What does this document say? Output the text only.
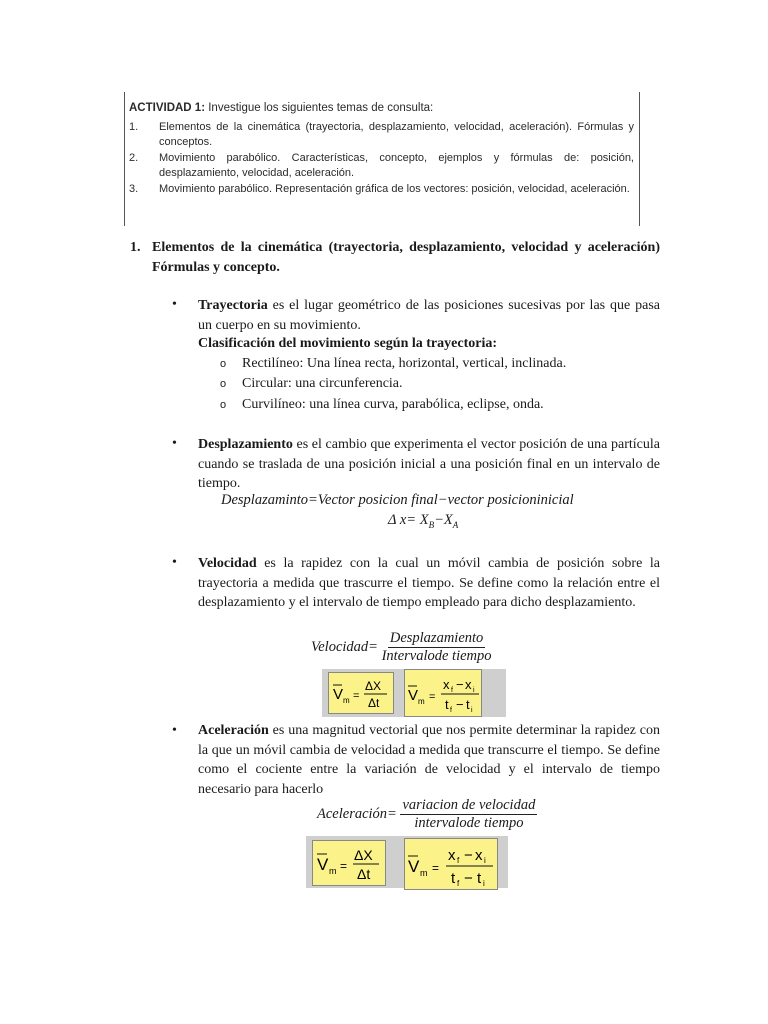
ACTIVIDAD 1: Investigue los siguientes temas de consulta:
1. Elementos de la cinemática (trayectoria, desplazamiento, velocidad, aceleración). Fórmulas y conceptos.
2. Movimiento parabólico. Características, concepto, ejemplos y fórmulas de: posición, desplazamiento, velocidad, aceleración.
3. Movimiento parabólico. Representación gráfica de los vectores: posición, velocidad, aceleración.
1. Elementos de la cinemática (trayectoria, desplazamiento, velocidad y aceleración) Fórmulas y concepto.
• Trayectoria es el lugar geométrico de las posiciones sucesivas por las que pasa un cuerpo en su movimiento.
Clasificación del movimiento según la trayectoria:
o Rectilíneo: Una línea recta, horizontal, vertical, inclinada.
o Circular: una circunferencia.
o Curvilíneo: una línea curva, parabólica, eclipse, onda.
• Desplazamiento es el cambio que experimenta el vector posición de una partícula cuando se traslada de una posición inicial a una posición final en un intervalo de tiempo.
Desplazaminto=Vector posicion final−vector posicioninicial
Δ $x= X_B-X_A$
• Velocidad es la rapidez con la cual un móvil cambia de posición sobre la trayectoria a medida que trascurre el tiempo. Se define como la relación entre el desplazamiento y el intervalo de tiempo empleado para dicho desplazamiento.
Velocidad= $\frac{\text{Desplazamiento}}{\text{Intervalode tiempo}}$
V m =
ΔX
Δt V m =
x f − x i
t f − t i
• Aceleración es una magnitud vectorial que nos permite determinar la rapidez con la que un móvil cambia de velocidad a medida que transcurre el tiempo. Se define como el cociente entre la variación de velocidad y el intervalo de tiempo necesario para hacerlo
Aceleración= $\frac{\text{variacion de velocidad}}{\text{intervalode tiempo}}$
V m =
ΔX
Δt V m =
x f − x i
t f − t i
